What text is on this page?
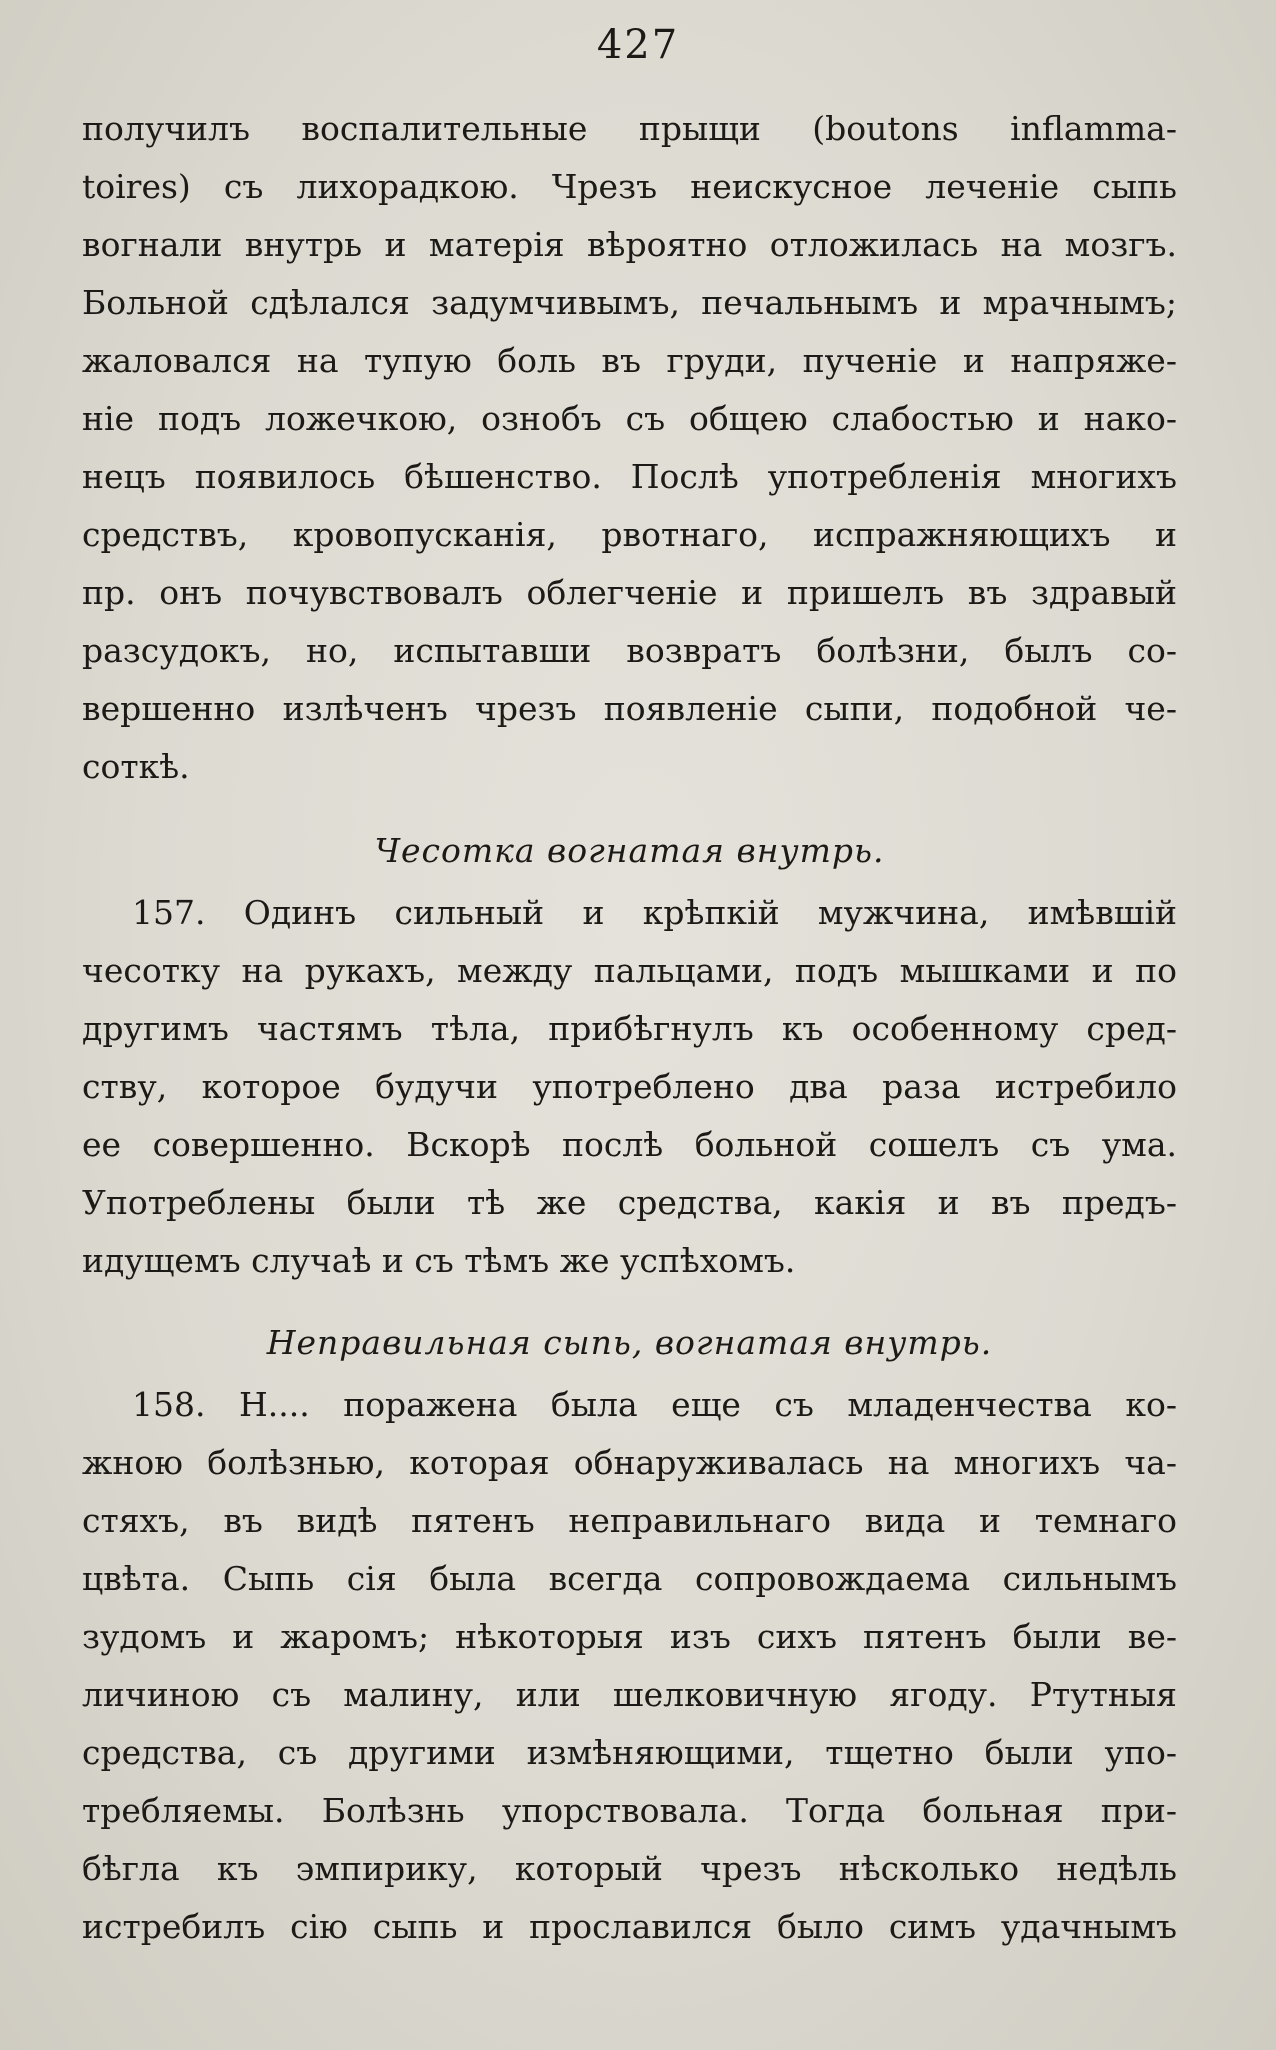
427
получилъ воспалительные прыщи (boutons inflamma-
toires) съ лихорадкою. Чрезъ неискусное леченіе сыпь
вогнали внутрь и матерія вѣроятно отложилась на мозгъ.
Больной сдѣлался задумчивымъ, печальнымъ и мрачнымъ;
жаловался на тупую боль въ груди, пученіе и напряже-
ніе подъ ложечкою, ознобъ съ общею слабостью и нако-
нецъ появилось бѣшенство. Послѣ употребленія многихъ
средствъ, кровопусканія, рвотнаго, испражняющихъ и
пр. онъ почувствовалъ облегченіе и пришелъ въ здравый
разсудокъ, но, испытавши возвратъ болѣзни, былъ со-
вершенно излѣченъ чрезъ появленіе сыпи, подобной че-
соткѣ.
Чесотка вогнатая внутрь.
157. Одинъ сильный и крѣпкій мужчина, имѣвшій
чесотку на рукахъ, между пальцами, подъ мышками и по
другимъ частямъ тѣла, прибѣгнулъ къ особенному сред-
ству, которое будучи употреблено два раза истребило
ее совершенно. Вскорѣ послѣ больной сошелъ съ ума.
Употреблены были тѣ же средства, какія и въ предъ-
идущемъ случаѣ и съ тѣмъ же успѣхомъ.
Неправильная сыпь, вогнатая внутрь.
158. Н.... поражена была еще съ младенчества ко-
жною болѣзнью, которая обнаруживалась на многихъ ча-
стяхъ, въ видѣ пятенъ неправильнаго вида и темнаго
цвѣта. Сыпь сія была всегда сопровождаема сильнымъ
зудомъ и жаромъ; нѣкоторыя изъ сихъ пятенъ были ве-
личиною съ малину, или шелковичную ягоду. Ртутныя
средства, съ другими измѣняющими, тщетно были упо-
требляемы. Болѣзнь упорствовала. Тогда больная при-
бѣгла къ эмпирику, который чрезъ нѣсколько недѣль
истребилъ сію сыпь и прославился было симъ удачнымъ
